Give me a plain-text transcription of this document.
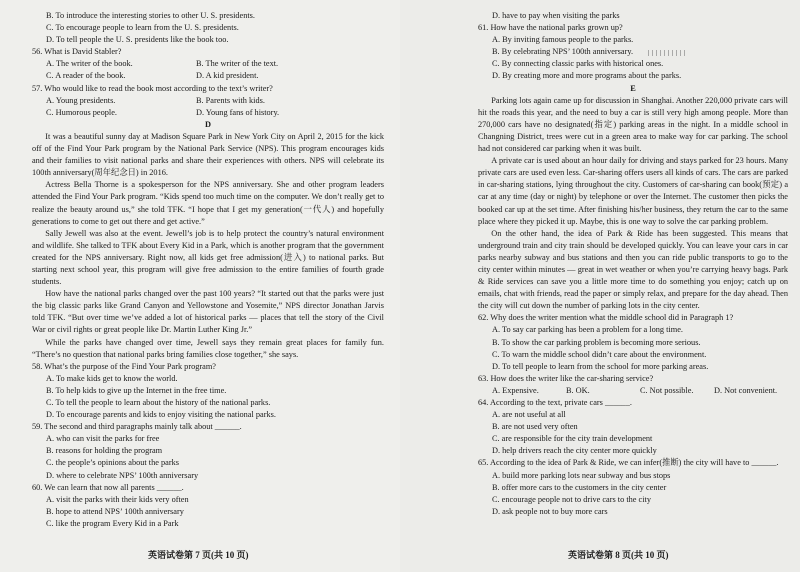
B. To introduce the interesting stories to other U. S. presidents.
C. To encourage people to learn from the U. S. presidents.
D. To tell people the U. S. presidents like the book too.
56. What is David Stabler?
A. The writer of the book.	B. The writer of the text.
C. A reader of the book.	D. A kid president.
57. Who would like to read the book most according to the text’s writer?
A. Young presidents.	B. Parents with kids.
C. Humorous people.	D. Young fans of history.
D
It was a beautiful sunny day at Madison Square Park in New York City on April 2, 2015 for the kick off of the Find Your Park program by the National Park Service (NPS). This program encourages kids and their families to visit national parks and share their experiences with others. NPS will celebrate its 100th anniversary(周年纪念日) in 2016.
Actress Bella Thorne is a spokesperson for the NPS anniversary. She and other program leaders attended the Find Your Park program. “Kids spend too much time on the computer. We don’t really get to realize the beauty around us,” she told TFK. “I hope that I get my generation(一代人) and hopefully generations to come to get out there and get active.”
Sally Jewell was also at the event. Jewell’s job is to help protect the country’s natural environment and wildlife. She talked to TFK about Every Kid in a Park, which is another program that the government created for the NPS anniversary. Right now, all kids get free admission(进入) to national parks. But starting next school year, this program will give free admission to the entire families of fourth grade students.
How have the national parks changed over the past 100 years? “It started out that the parks were just the big classic parks like Grand Canyon and Yellowstone and Yosemite,” NPS director Jonathan Jarvis told TFK. “But over time we’ve added a lot of historical parks — places that tell the story of the Civil War or civil rights or great people like Dr. Martin Luther King Jr.”
While the parks have changed over time, Jewell says they remain great places for family fun. “There’s no question that national parks bring families close together,” she says.
58. What’s the purpose of the Find Your Park program?
A. To make kids get to know the world.
B. To help kids to give up the Internet in the free time.
C. To tell the people to learn about the history of the national parks.
D. To encourage parents and kids to enjoy visiting the national parks.
59. The second and third paragraphs mainly talk about ______.
A. who can visit the parks for free
B. reasons for holding the program
C. the people’s opinions about the parks
D. where to celebrate NPS’ 100th anniversary
60. We can learn that now all parents ______.
A. visit the parks with their kids very often
B. hope to attend NPS’ 100th anniversary
C. like the program Every Kid in a Park
英语试卷第 7 页(共 10 页)
D. have to pay when visiting the parks
61. How have the national parks grown up?
A. By inviting famous people to the parks.
B. By celebrating NPS’ 100th anniversary.
C. By connecting classic parks with historical ones.
D. By creating more and more programs about the parks.
E
Parking lots again came up for discussion in Shanghai. Another 220,000 private cars will hit the roads this year, and the need to buy a car is still very high among people. More than 270,000 cars have no designated(指定) parking areas in the night. In a middle school in Changning District, trees were cut in a green area to make way for car parking. The school had not considered car parking when it was built.
A private car is used about an hour daily for driving and stays parked for 23 hours. Many private cars are used even less. Car-sharing offers users all kinds of cars. The cars are parked in car-sharing stations, lying throughout the city. Customers of car-sharing can book(预定) a car at any time (day or night) by telephone or over the Internet. The customer then picks the booked car up at the set time. After finishing his/her business, they return the car to the same place where they picked it up. Maybe, this is one way to solve the car parking problem.
On the other hand, the idea of Park & Ride has been suggested. This means that underground train and city train should be developed quickly. You can leave your cars in car parks nearby subway and bus stations and then you can ride public transports to go to the city center within minutes — great in wet weather or when you’re carrying heavy bags. Park & Ride services can save you a little more time to do something you enjoy; catch up on emails, chat with friends, read the paper or simply relax, and prepare for the day ahead. Then the city will cut down the number of parking lots in the city center.
62. Why does the writer mention what the middle school did in Paragraph 1?
A. To say car parking has been a problem for a long time.
B. To show the car parking problem is becoming more serious.
C. To warn the middle school didn’t care about the environment.
D. To tell people to learn from the school for more parking areas.
63. How does the writer like the car-sharing service?
A. Expensive.	B. OK.	C. Not possible.	D. Not convenient.
64. According to the text, private cars ______.
A. are not useful at all
B. are not used very often
C. are responsible for the city train development
D. help drivers reach the city center more quickly
65. According to the idea of Park & Ride, we can infer(推断) the city will have to ______.
A. build more parking lots near subway and bus stops
B. offer more cars to the customers in the city center
C. encourage people not to drive cars to the city
D. ask people not to buy more cars
英语试卷第 8 页(共 10 页)
